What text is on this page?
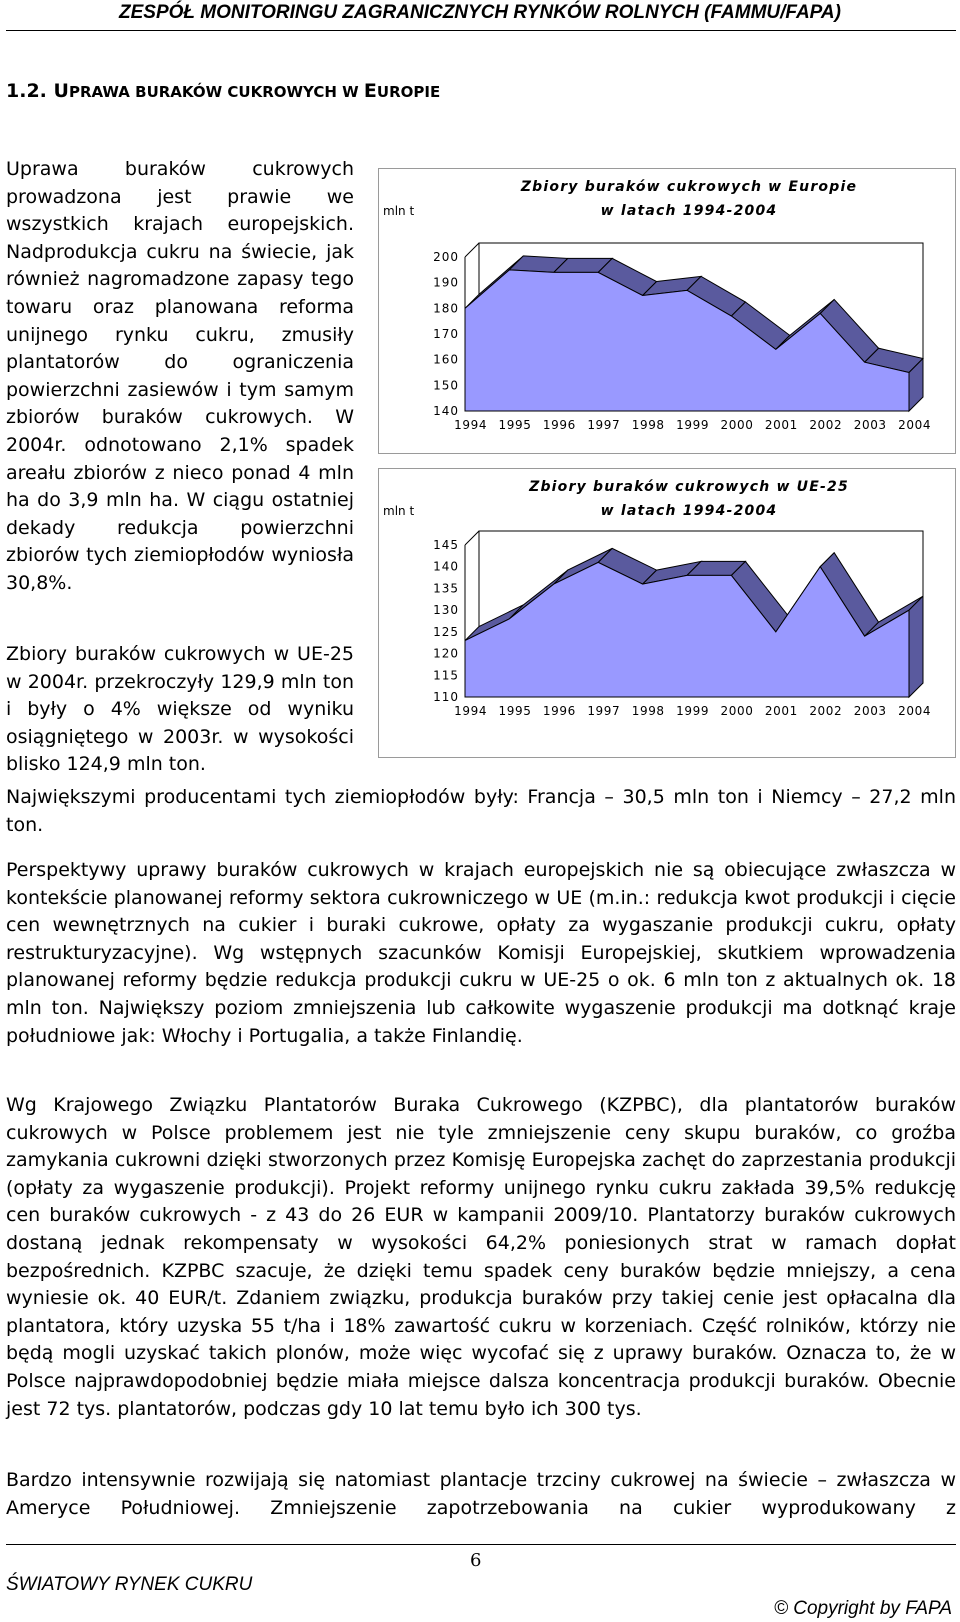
ZESPÓŁ MONITORINGU ZAGRANICZNYCH RYNKÓW ROLNYCH (FAMMU/FAPA)
1.2. UPRAWA BURAKÓW CUKROWYCH W EUROPIE

Uprawa buraków cukrowych prowadzona jest prawie we wszystkich krajach europejskich. Nadprodukcja cukru na świecie, jak również nagromadzone zapasy tego towaru oraz planowana reforma unijnego rynku cukru, zmusiły plantatorów do ograniczenia powierzchni zasiewów i tym samym zbiorów buraków cukrowych. W 2004r. odnotowano 2,1% spadek areału zbiorów z nieco ponad 4 mln ha do 3,9 mln ha. W ciągu ostatniej dekady redukcja powierzchni zbiorów tych ziemiopłodów wyniosła 30,8%.

Zbiory buraków cukrowych w UE-25 w 2004r. przekroczyły 129,9 mln ton i były o 4% większe od wyniku osiągniętego w 2003r. w wysokości blisko 124,9 mln ton.

Zbiory buraków cukrowych w Europie
w latach 1994-2004
mln t
140
150
160
170
180
190
200
1994 1995 1996 1997 1998 1999 2000 2001 2002 2003 2004
Zbiory buraków cukrowych w UE-25
w latach 1994-2004
mln t
110
115
120
125
130
135
140
145
1994 1995 1996 1997 1998 1999 2000 2001 2002 2003 2004

Największymi producentami tych ziemiopłodów były: Francja – 30,5 mln ton i Niemcy – 27,2 mln ton.

Perspektywy uprawy buraków cukrowych w krajach europejskich nie są obiecujące zwłaszcza w kontekście planowanej reformy sektora cukrowniczego w UE (m.in.: redukcja kwot produkcji i cięcie cen wewnętrznych na cukier i buraki cukrowe, opłaty za wygaszanie produkcji cukru, opłaty restrukturyzacyjne). Wg wstępnych szacunków Komisji Europejskiej, skutkiem wprowadzenia planowanej reformy będzie redukcja produkcji cukru w UE-25 o ok. 6 mln ton z aktualnych ok. 18 mln ton. Największy poziom zmniejszenia lub całkowite wygaszenie produkcji ma dotknąć kraje południowe jak: Włochy i Portugalia, a także Finlandię.

Wg Krajowego Związku Plantatorów Buraka Cukrowego (KZPBC), dla plantatorów buraków cukrowych w Polsce problemem jest nie tyle zmniejszenie ceny skupu buraków, co groźba zamykania cukrowni dzięki stworzonych przez Komisję Europejska zachęt do zaprzestania produkcji (opłaty za wygaszenie produkcji). Projekt reformy unijnego rynku cukru zakłada 39,5% redukcję cen buraków cukrowych - z 43 do 26 EUR w kampanii 2009/10. Plantatorzy buraków cukrowych dostaną jednak rekompensaty w wysokości 64,2% poniesionych strat w ramach dopłat bezpośrednich. KZPBC szacuje, że dzięki temu spadek ceny buraków będzie mniejszy, a cena wyniesie ok. 40 EUR/t. Zdaniem związku, produkcja buraków przy takiej cenie jest opłacalna dla plantatora, który uzyska 55 t/ha i 18% zawartość cukru w korzeniach. Część rolników, którzy nie będą mogli uzyskać takich plonów, może więc wycofać się z uprawy buraków. Oznacza to, że w Polsce najprawdopodobniej będzie miała miejsce dalsza koncentracja produkcji buraków. Obecnie jest 72 tys. plantatorów, podczas gdy 10 lat temu było ich 300 tys.

Bardzo intensywnie rozwijają się natomiast plantacje trzciny cukrowej na świecie – zwłaszcza w Ameryce Południowej. Zmniejszenie zapotrzebowania na cukier wyprodukowany z

6
ŚWIATOWY RYNEK CUKRU
© Copyright by FAPA
